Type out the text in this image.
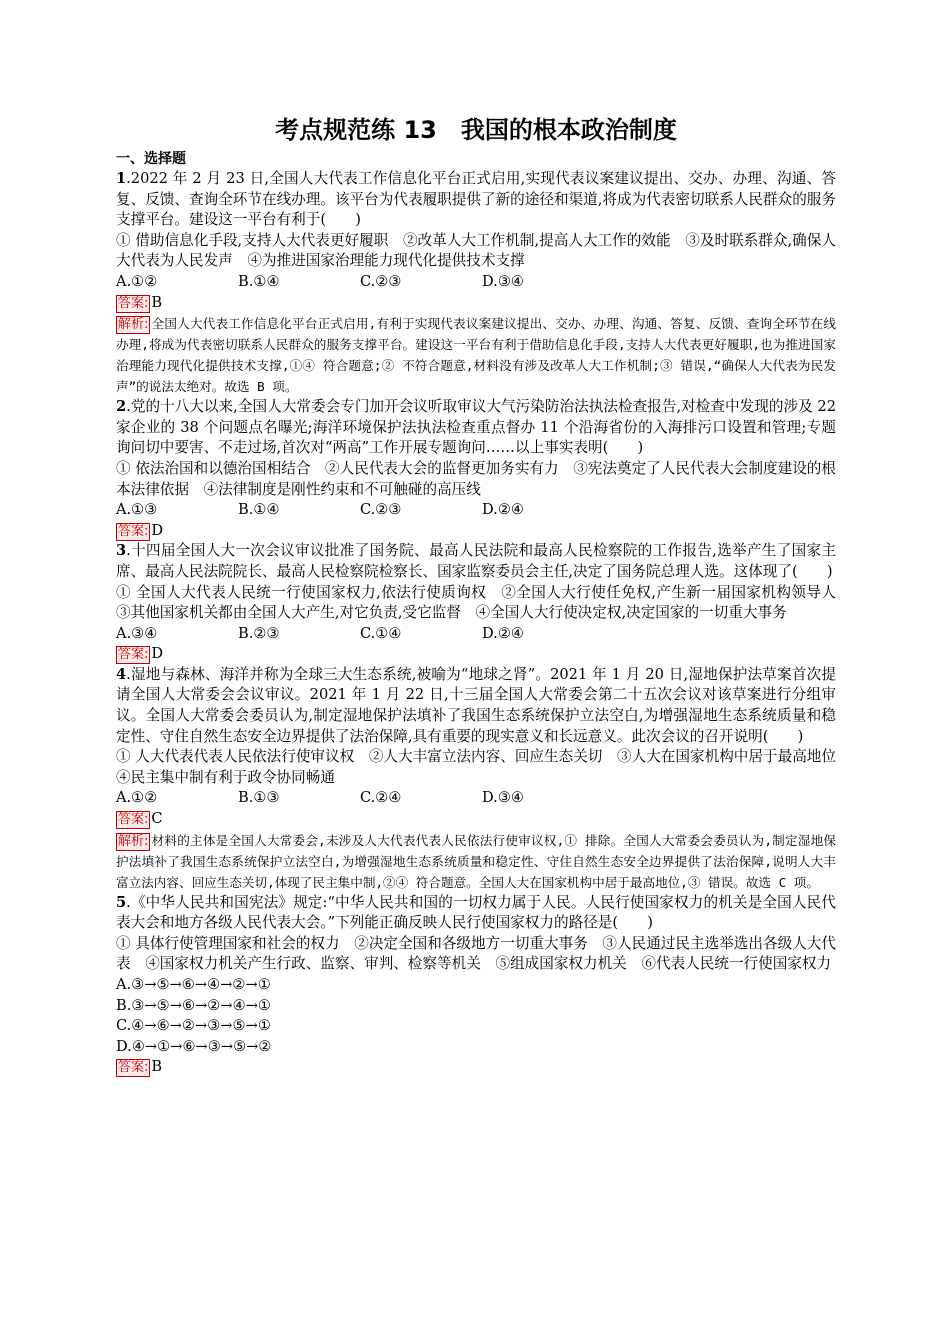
考点规范练 13　我国的根本政治制度
一、选择题

1.2022 年 2 月 23 日,全国人大代表工作信息化平台正式启用,实现代表议案建议提出、交办、办理、沟通、答复、反馈、查询全环节在线办理。该平台为代表履职提供了新的途径和渠道,将成为代表密切联系人民群众的服务支撑平台。建设这一平台有利于(　　)

① 借助信息化手段,支持人大代表更好履职　②改革人大工作机制,提高人大工作的效能　③及时联系群众,确保人大代表为人民发声　④为推进国家治理能力现代化提供技术支撑

A.①②	B.①④	C.②③	D.③④
答案: B

解析: 全国人大代表工作信息化平台正式启用,有利于实现代表议案建议提出、交办、办理、沟通、答复、反馈、查询全环节在线办理,将成为代表密切联系人民群众的服务支撑平台。建设这一平台有利于借助信息化手段,支持人大代表更好履职,也为推进国家治理能力现代化提供技术支撑,①④ 符合题意;② 不符合题意,材料没有涉及改革人大工作机制;③ 错误,“确保人大代表为民发声”的说法太绝对。故选 B 项。

2.党的十八大以来,全国人大常委会专门加开会议听取审议大气污染防治法执法检查报告,对检查中发现的涉及 22 家企业的 38 个问题点名曝光;海洋环境保护法执法检查重点督办 11 个沿海省份的入海排污口设置和管理;专题询问切中要害、不走过场,首次对“两高”工作开展专题询问……以上事实表明(　　)

① 依法治国和以德治国相结合　②人民代表大会的监督更加务实有力　③宪法奠定了人民代表大会制度建设的根本法律依据　④法律制度是刚性约束和不可触碰的高压线

A.①③	B.①④	C.②③	D.②④
答案: D

3.十四届全国人大一次会议审议批准了国务院、最高人民法院和最高人民检察院的工作报告,选举产生了国家主席、最高人民法院院长、最高人民检察院检察长、国家监察委员会主任,决定了国务院总理人选。这体现了(　　)

① 全国人大代表人民统一行使国家权力,依法行使质询权　②全国人大行使任免权,产生新一届国家机构领导人　③其他国家机关都由全国人大产生,对它负责,受它监督　④全国人大行使决定权,决定国家的一切重大事务

A.③④	B.②③	C.①④	D.②④
答案: D

4.湿地与森林、海洋并称为全球三大生态系统,被喻为“地球之肾”。2021 年 1 月 20 日,湿地保护法草案首次提请全国人大常委会会议审议。2021 年 1 月 22 日,十三届全国人大常委会第二十五次会议对该草案进行分组审议。全国人大常委会委员认为,制定湿地保护法填补了我国生态系统保护立法空白,为增强湿地生态系统质量和稳定性、守住自然生态安全边界提供了法治保障,具有重要的现实意义和长远意义。此次会议的召开说明(　　)

① 人大代表代表人民依法行使审议权　②人大丰富立法内容、回应生态关切　③人大在国家机构中居于最高地位　④民主集中制有利于政令协同畅通

A.①②	B.①③	C.②④	D.③④
答案: C

解析: 材料的主体是全国人大常委会,未涉及人大代表代表人民依法行使审议权,① 排除。全国人大常委会委员认为,制定湿地保护法填补了我国生态系统保护立法空白,为增强湿地生态系统质量和稳定性、守住自然生态安全边界提供了法治保障,说明人大丰富立法内容、回应生态关切,体现了民主集中制,②④ 符合题意。全国人大在国家机构中居于最高地位,③ 错误。故选 C 项。

5.《中华人民共和国宪法》规定:“中华人民共和国的一切权力属于人民。人民行使国家权力的机关是全国人民代表大会和地方各级人民代表大会。”下列能正确反映人民行使国家权力的路径是(　　)

① 具体行使管理国家和社会的权力　②决定全国和各级地方一切重大事务　③人民通过民主选举选出各级人大代表　④国家权力机关产生行政、监察、审判、检察等机关　⑤组成国家权力机关　⑥代表人民统一行使国家权力

A.③→⑤→⑥→④→②→①
B.③→⑤→⑥→②→④→①
C.④→⑥→②→③→⑤→①
D.④→①→⑥→③→⑤→②
答案: B
